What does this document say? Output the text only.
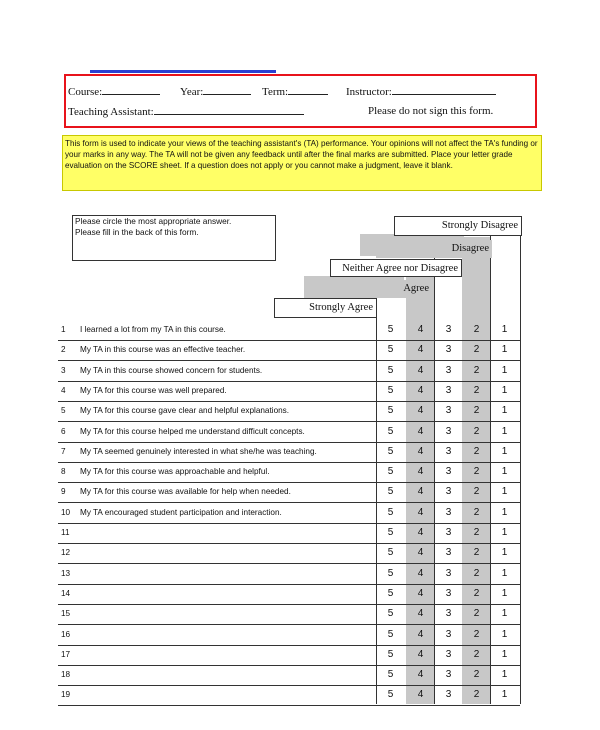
Course:	Year:	Term:	Instructor:
Teaching Assistant:	Please do not sign this form.
This form is used to indicate your views of the teaching assistant's (TA) performance. Your opinions will not affect the TA's funding or your marks in any way. The TA will not be given any feedback until after the final marks are submitted. Place your letter grade evaluation on the SCORE sheet. If a question does not apply or you cannot make a judgment, leave it blank.
Please circle the most appropriate answer.
Please fill in the back of this form.
Strongly Disagree
Disagree
Neither Agree nor Disagree
Agree
Strongly Agree
1 I learned a lot from my TA in this course.	5	4	3	2	1
2 My TA in this course was an effective teacher.	5	4	3	2	1
3 My TA in this course showed concern for students.	5	4	3	2	1
4 My TA for this course was well prepared.	5	4	3	2	1
5 My TA for this course gave clear and helpful explanations.	5	4	3	2	1
6 My TA for this course helped me understand difficult concepts.	5	4	3	2	1
7 My TA seemed genuinely interested in what she/he was teaching.	5	4	3	2	1
8 My TA for this course was approachable and helpful.	5	4	3	2	1
9 My TA for this course was available for help when needed.	5	4	3	2	1
10 My TA encouraged student participation and interaction.	5	4	3	2	1
11	5	4	3	2	1
12	5	4	3	2	1
13	5	4	3	2	1
14	5	4	3	2	1
15	5	4	3	2	1
16	5	4	3	2	1
17	5	4	3	2	1
18	5	4	3	2	1
19	5	4	3	2	1
